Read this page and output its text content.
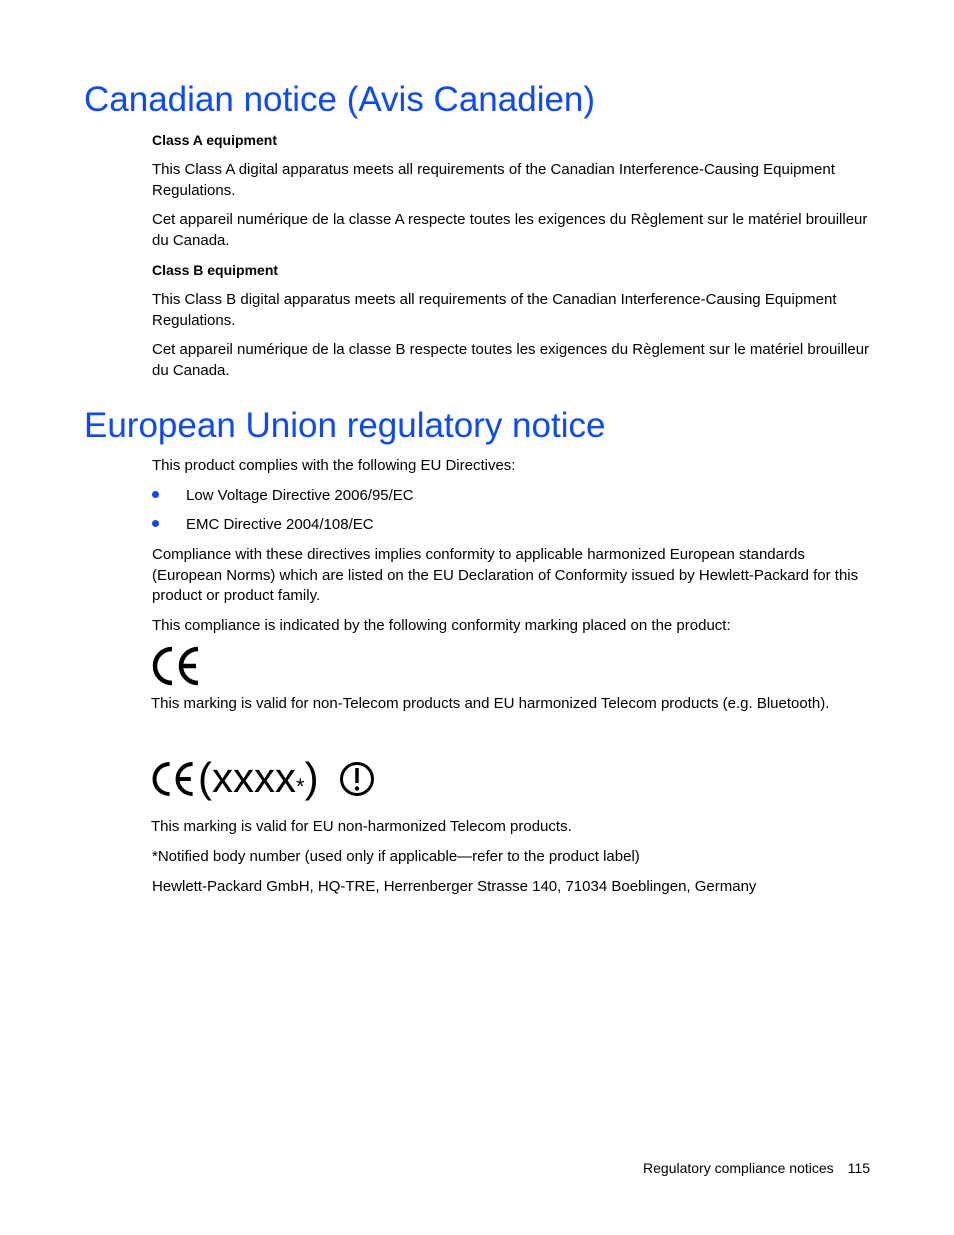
Canadian notice (Avis Canadien)
Class A equipment

This Class A digital apparatus meets all requirements of the Canadian Interference-Causing Equipment Regulations.

Cet appareil numérique de la classe A respecte toutes les exigences du Règlement sur le matériel brouilleur du Canada.

Class B equipment

This Class B digital apparatus meets all requirements of the Canadian Interference-Causing Equipment Regulations.

Cet appareil numérique de la classe B respecte toutes les exigences du Règlement sur le matériel brouilleur du Canada.

European Union regulatory notice

This product complies with the following EU Directives:

Low Voltage Directive 2006/95/EC
EMC Directive 2004/108/EC

Compliance with these directives implies conformity to applicable harmonized European standards (European Norms) which are listed on the EU Declaration of Conformity issued by Hewlett-Packard for this product or product family.

This compliance is indicated by the following conformity marking placed on the product:

This marking is valid for non-Telecom products and EU harmonized Telecom products (e.g. Bluetooth).

(xxxx*)

This marking is valid for EU non-harmonized Telecom products.

*Notified body number (used only if applicable—refer to the product label)

Hewlett-Packard GmbH, HQ-TRE, Herrenberger Strasse 140, 71034 Boeblingen, Germany

Regulatory compliance notices 115
